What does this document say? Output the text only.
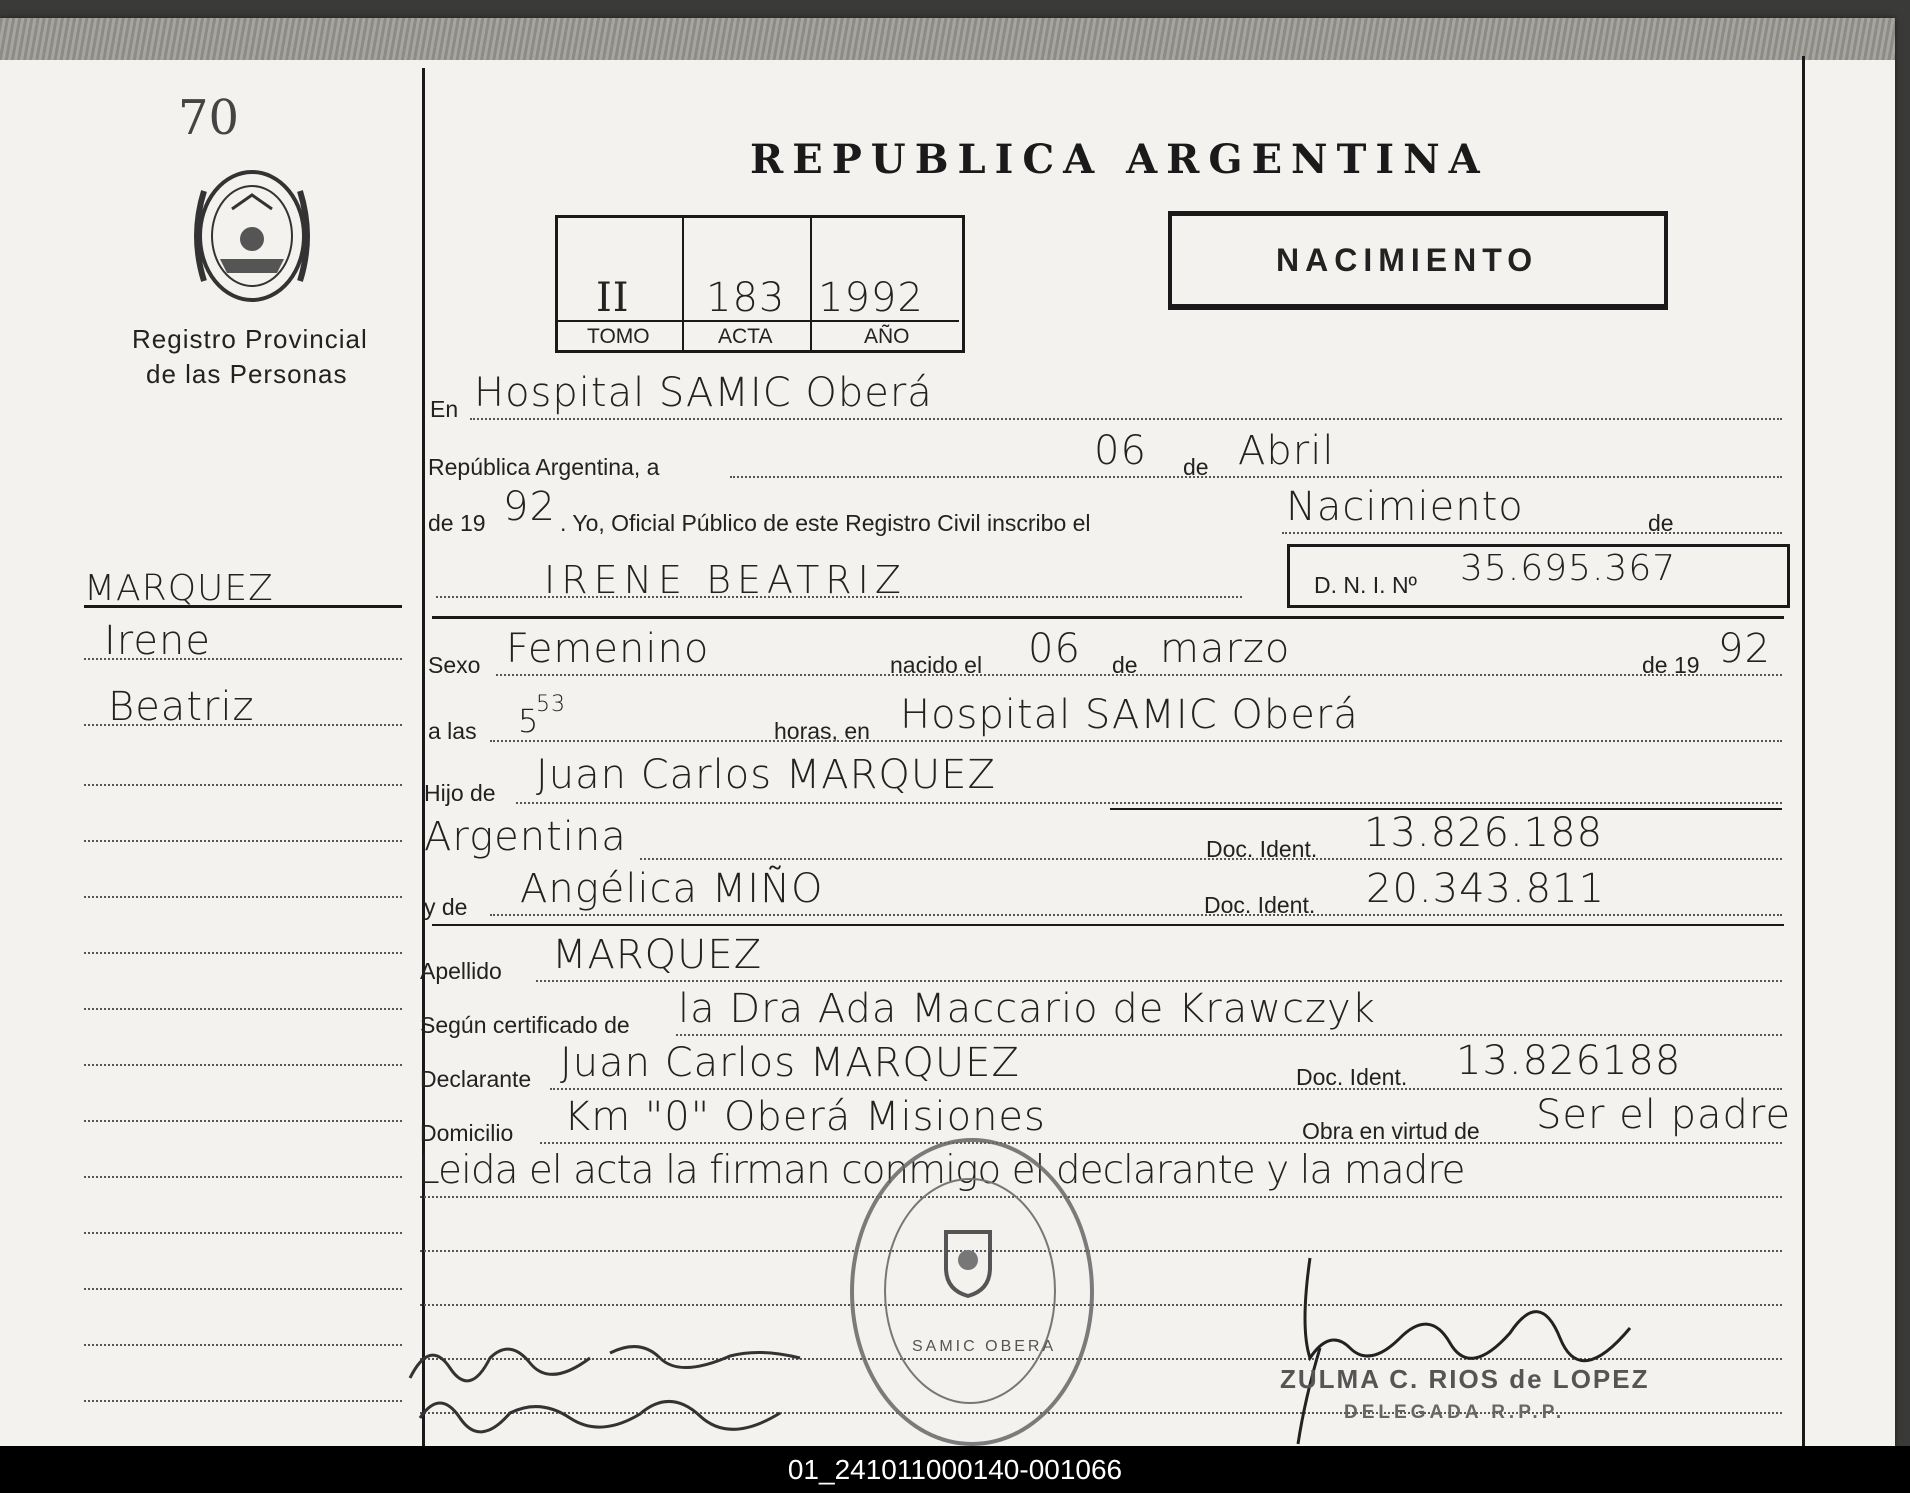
70
Registro Provincial
de las Personas
MARQUEZ
Irene
Beatriz
REPUBLICA ARGENTINA
II 183 1992
TOMO	ACTA	AÑO
NACIMIENTO
En Hospital SAMIC Oberá
República Argentina, a	06 de Abril
de 19 92 . Yo, Oficial Público de este Registro Civil inscribo el	Nacimiento	de
IRENE BEATRIZ	D. N. I. Nº 35.695.367
Sexo Femenino	nacido el 06 de marzo	de 19 92
a las 5
53
horas, en Hospital SAMIC Oberá
Hijo de Juan Carlos MARQUEZ
Argentina	Doc. Ident. 13.826.188
y de Angélica MIÑO	Doc. Ident. 20.343.811
Apellido MARQUEZ
Según certificado de la Dra Ada Maccario de Krawczyk
Declarante Juan Carlos MARQUEZ	Doc. Ident. 13.826188
Domicilio Km "0" Oberá Misiones	Obra en virtud de Ser el padre
Leida el acta la firman conmigo el declarante y la madre
SAMIC OBERA
ZULMA C. RIOS de LOPEZ
DELEGADA R.P.P.
01_241011000140-001066
